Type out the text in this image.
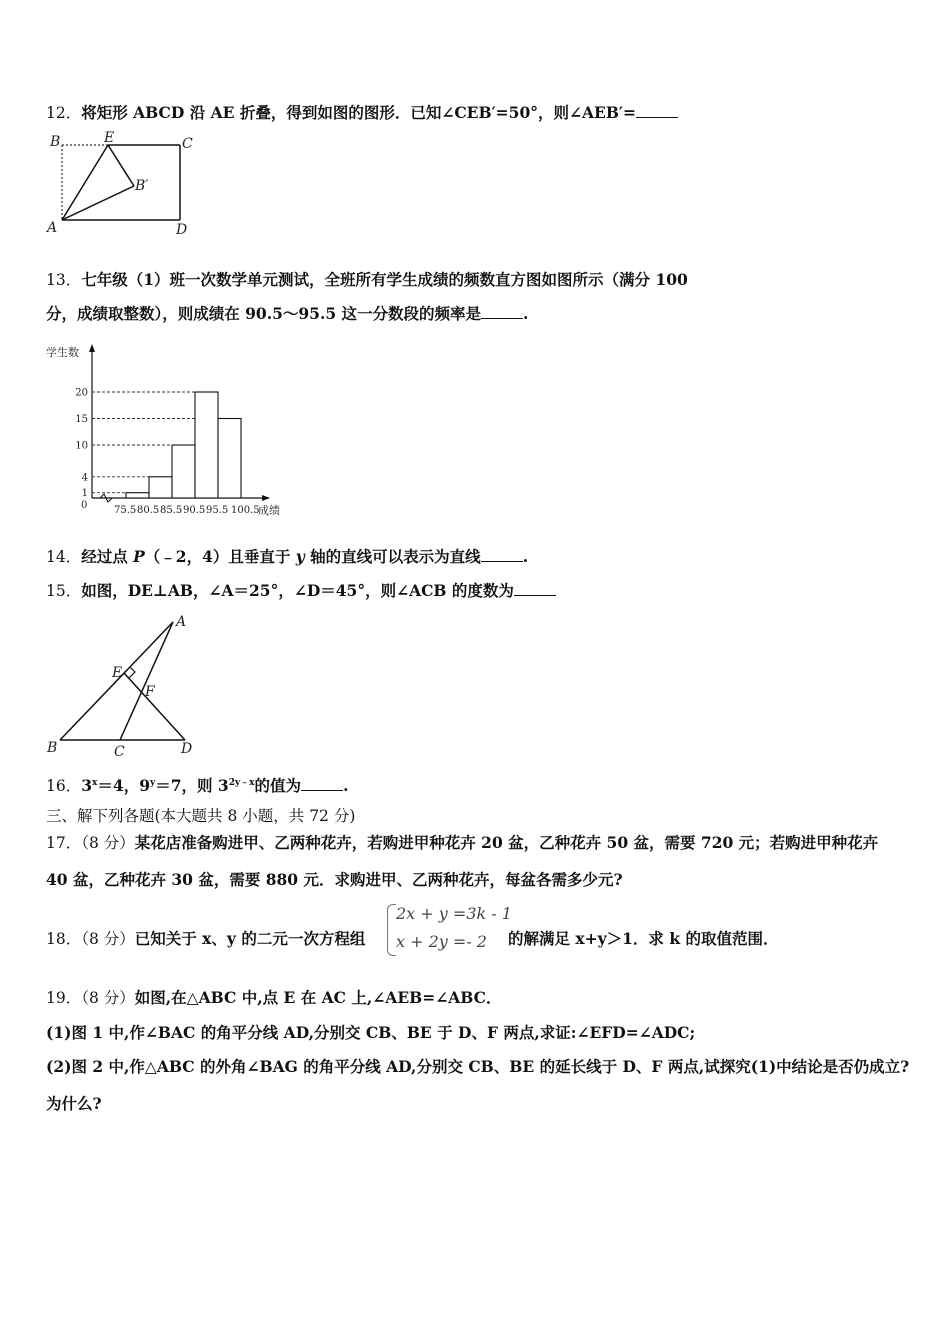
12．将矩形 ABCD 沿 AE 折叠，得到如图的图形．已知∠CEB′=50°，则∠AEB′=
B	E	C
B′
A	D
13．七年级（1）班一次数学单元测试，全班所有学生成绩的频数直方图如图所示（满分 100
分，成绩取整数），则成绩在 90.5～95.5 这一分数段的频率是	.
学生数
成绩
0
1
4
10
15
20
75.5 80.5 85.5 90.5 95.5 100.5
14．经过点 P（﹣2，4）且垂直于 y 轴的直线可以表示为直线	.
15．如图，DE⊥AB，∠A＝25°，∠D＝45°，则∠ACB 的度数为
A
E
F
B	C	D
16．$3^x=4$，$9^y=7$，则 $3^{2y﹣x}$的值为	.
三、解下列各题(本大题共 8 小题，共 72 分)
17．（8 分）某花店准备购进甲、乙两种花卉，若购进甲种花卉 20 盆，乙种花卉 50 盆，需要 720 元；若购进甲种花卉
40 盆，乙种花卉 30 盆，需要 880 元．求购进甲、乙两种花卉，每盆各需多少元?
18．（8 分）已知关于 x、y 的二元一次方程组
2x + y =3k - 1
x + 2y =- 2 的解满足 x+y＞1．求 k 的取值范围．
19．（8 分）如图,在△ABC 中,点 E 在 AC 上,∠AEB=∠ABC．
(1)图 1 中,作∠BAC 的角平分线 AD,分别交 CB、BE 于 D、F 两点,求证:∠EFD=∠ADC;
(2)图 2 中,作△ABC 的外角∠BAG 的角平分线 AD,分别交 CB、BE 的延长线于 D、F 两点,试探究(1)中结论是否仍成立?
为什么?
